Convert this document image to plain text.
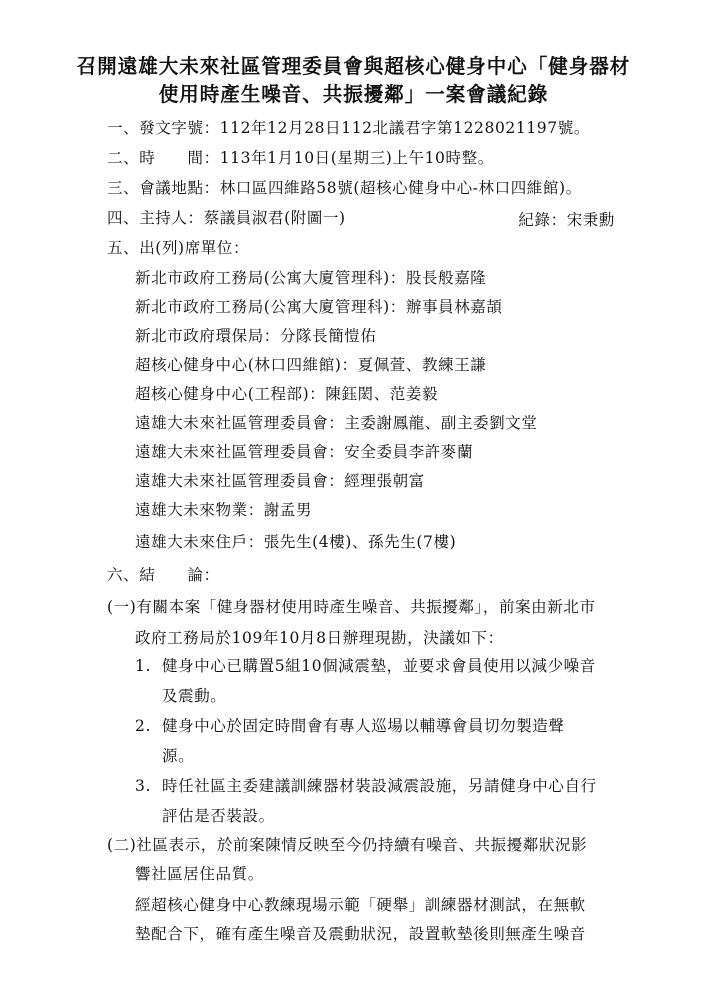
召開遠雄大未來社區管理委員會與超核心健身中心「健身器材
使用時產生噪音、共振擾鄰」一案會議紀錄
一、發文字號：112年12月28日112北議君字第1228021197號。
二、時　　間：113年1月10日(星期三)上午10時整。
三、會議地點：林口區四維路58號(超核心健身中心-林口四維館)。
四、主持人：蔡議員淑君(附圖一)	紀錄：宋秉勳
五、出(列)席單位：
新北市政府工務局(公寓大廈管理科)：股長般嘉隆
新北市政府工務局(公寓大廈管理科)：辦事員林嘉頡
新北市政府環保局：分隊長簡愷佑
超核心健身中心(林口四維館)：夏佩萱、教練王謙
超核心健身中心(工程部)：陳鈺閎、范姜毅
遠雄大未來社區管理委員會：主委謝鳳龍、副主委劉文堂
遠雄大未來社區管理委員會：安全委員李許麥蘭
遠雄大未來社區管理委員會：經理張朝富
遠雄大未來物業：謝孟男
遠雄大未來住戶：張先生(4樓)、孫先生(7樓)
六、結　　論：
(一)有關本案「健身器材使用時產生噪音、共振擾鄰」，前案由新北市
政府工務局於109年10月8日辦理現勘，決議如下：
1. 健身中心已購置5組10個減震墊，並要求會員使用以減少噪音
及震動。
2. 健身中心於固定時間會有專人巡場以輔導會員切勿製造聲
源。
3. 時任社區主委建議訓練器材裝設減震設施，另請健身中心自行
評估是否裝設。
(二)社區表示，於前案陳情反映至今仍持續有噪音、共振擾鄰狀況影
響社區居住品質。
經超核心健身中心教練現場示範「硬舉」訓練器材測試，在無軟
墊配合下，確有產生噪音及震動狀況，設置軟墊後則無產生噪音
